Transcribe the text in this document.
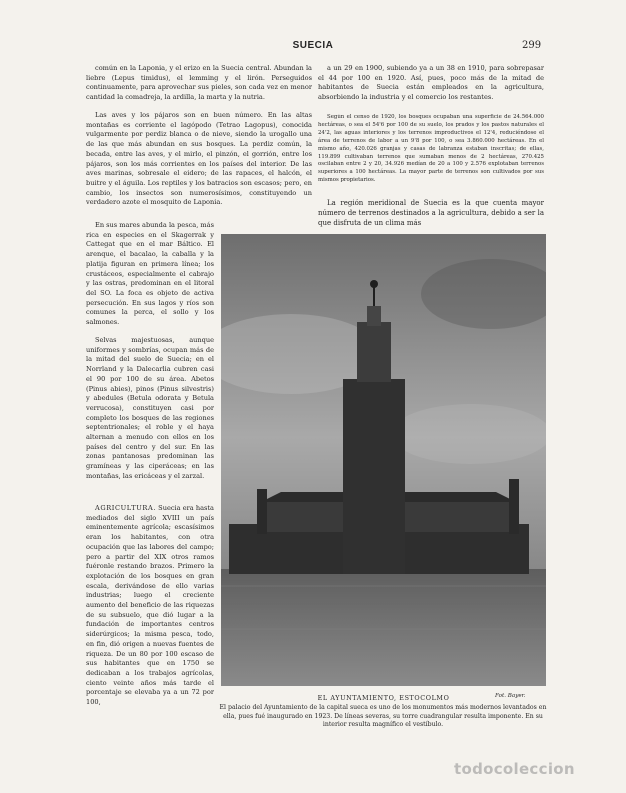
SUECIA	299

común en la Laponia, y el erizo en la Suecia central. Abundan la liebre (Lepus timidus), el lemming y el lirón. Perseguidos continuamente, para aprovechar sus pieles, son cada vez en menor cantidad la comadreja, la ardilla, la marta y la nutria.

Las aves y los pájaros son en buen número. En las altas montañas es corriente el lagópodo (Tetrao Lagopus), conocida vulgarmente por perdiz blanca o de nieve, siendo la urogallo una de las que más abundan en sus bosques. La perdiz común, la becada, entre las aves, y el mirlo, el pinzón, el gorrión, entre los pájaros, son los más corrientes en los países del interior. De las aves marinas, sobresale el eidero; de las rapaces, el halcón, el buitre y el águila. Los reptiles y los batracios son escasos; pero, en cambio, los insectos son numerosísimos, constituyendo un verdadero azote el mosquito de Laponia.

En sus mares abunda la pesca, más rica en especies en el Skagerrak y Cattegat que en el mar Báltico. El arenque, el bacalao, la caballa y la platija figuran en primera línea; los crustáceos, especialmente el cabrajo y las ostras, predominan en el litoral del SO. La foca es objeto de activa persecución. En sus lagos y ríos son comunes la perca, el sollo y los salmones.

Selvas majestuosas, aunque uniformes y sombrías, ocupan más de la mitad del suelo de Suecia; en el Norrland y la Dalecarlia cubren casi el 90 por 100 de su área. Abetos (Pinus abies), pinos (Pinus silvestris) y abedules (Betula odorata y Betula verrucosa), constituyen casi por completo los bosques de las regiones septentrionales; el roble y el haya alternan a menudo con ellos en los países del centro y del sur. En las zonas pantanosas predominan las gramíneas y las ciperáceas; en las montañas, las ericáceas y el zarzal.

AGRICULTURA. Suecia era hasta mediados del siglo XVIII un país eminentemente agrícola; escasísimos eran los habitantes, con otra ocupación que las labores del campo; pero a partir del XIX otros ramos fuéronle restando brazos. Primero la explotación de los bosques en gran escala, derivándose de ello varias industrias; luego el creciente aumento del beneficio de las riquezas de su subsuelo, que dió lugar a la fundación de importantes centros siderúrgicos; la misma pesca, todo, en fin, dió origen a nuevas fuentes de riqueza. De un 80 por 100 escaso de sus habitantes que en 1750 se dedicaban a los trabajos agrícolas, ciento veinte años más tarde el porcentaje se elevaba ya a un 72 por 100,

a un 29 en 1900, subiendo ya a un 38 en 1910, para sobrepasar el 44 por 100 en 1920. Así, pues, poco más de la mitad de habitantes de Suecia están empleados en la agricultura, absorbiendo la industria y el comercio los restantes.

Según el censo de 1920, los bosques ocupaban una superficie de 24.564.000 hectáreas, o sea el 54'6 por 100 de su suelo, los prados y los pastos naturales el 24'2, las aguas interiores y los terrenos improductivos el 12'4, reduciéndose el área de terrenos de labor a un 9'8 por 100, o sea 3.860.000 hectáreas. En el mismo año, 420.026 granjas y casas de labranza estaban inscritas; de ellas, 119.899 cultivaban terrenos que sumaban menos de 2 hectáreas, 270.425 oscilaban entre 2 y 20, 34.926 medían de 20 a 100 y 2.576 explotaban terrenos superiores a 100 hectáreas. La mayor parte de terrenos son cultivados por sus mismos propietarios.

La región meridional de Suecia es la que cuenta mayor número de terrenos destinados a la agricultura, debido a ser la que disfruta de un clima más

EL AYUNTAMIENTO, ESTOCOLMO	Fot. Bayer.

El palacio del Ayuntamiento de la capital sueca es uno de los monumentos más modernos levantados en ella, pues fué inaugurado en 1923. De líneas severas, su torre cuadrangular resulta imponente. En su interior resulta magnífico el vestíbulo.

todocoleccion
